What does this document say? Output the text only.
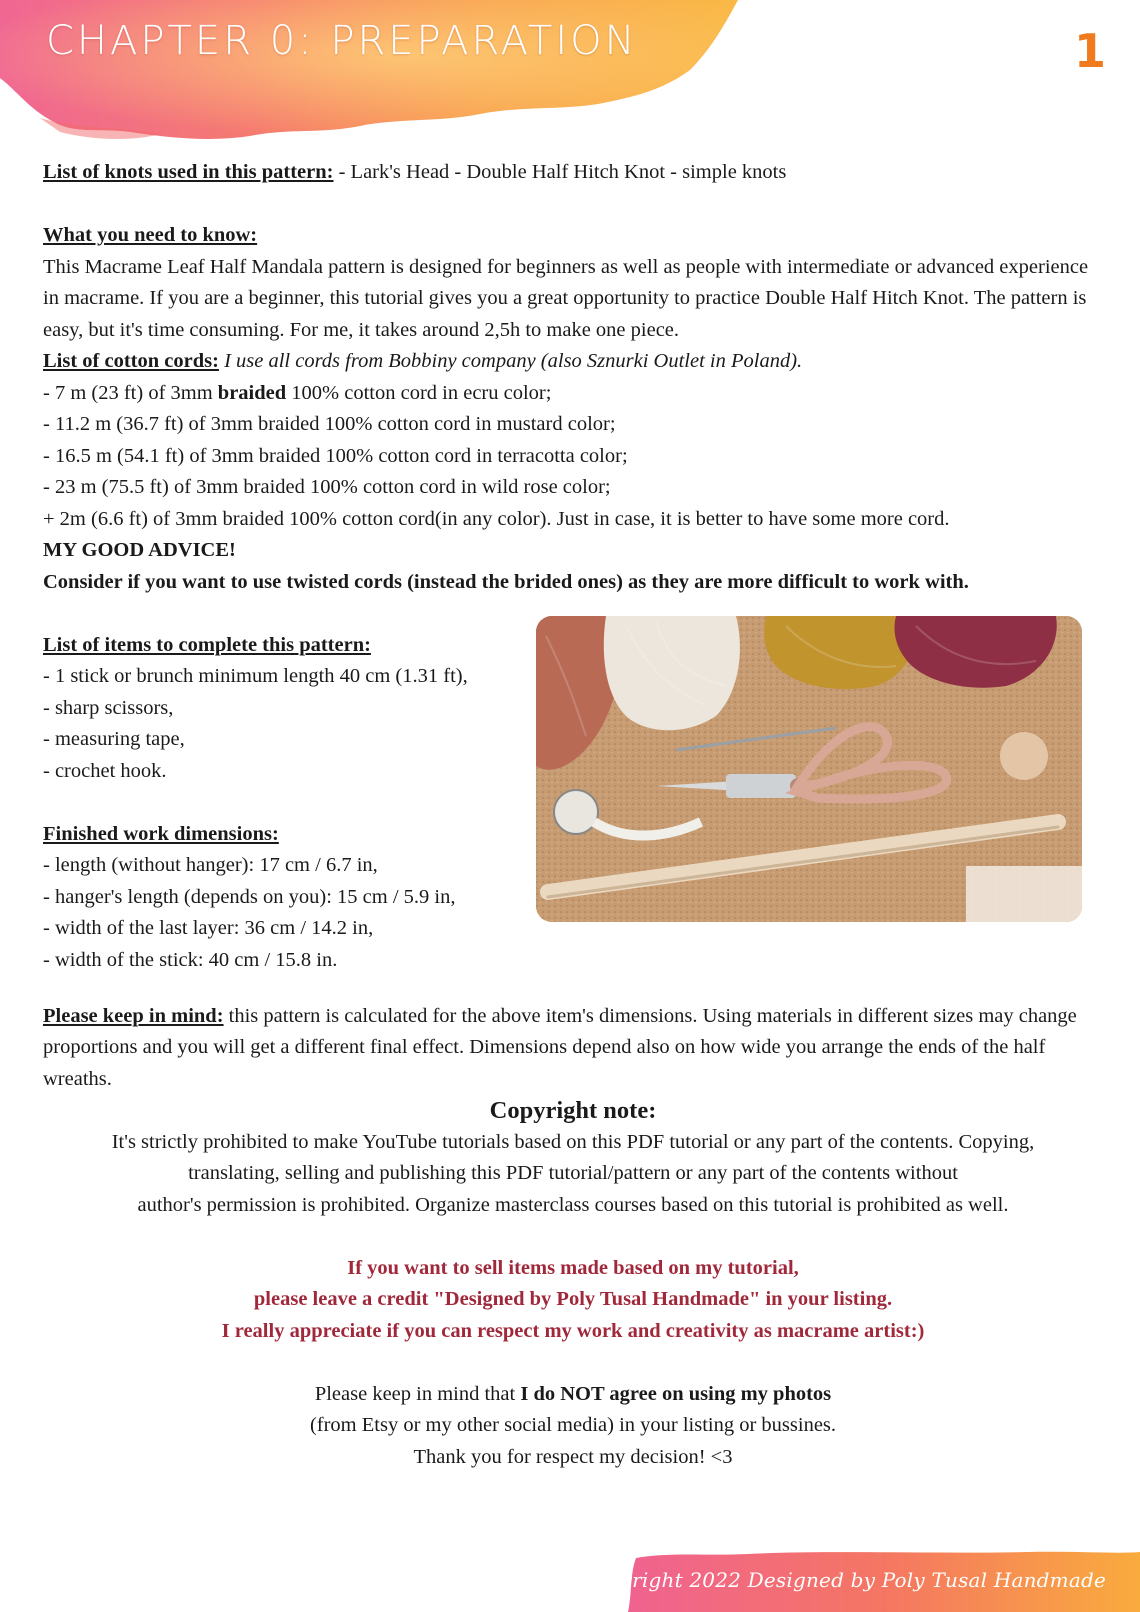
CHAPTER 0: PREPARATION	1

List of knots used in this pattern: - Lark's Head - Double Half Hitch Knot - simple knots

What you need to know:

This Macrame Leaf Half Mandala pattern is designed for beginners as well as people with intermediate or advanced experience in macrame. If you are a beginner, this tutorial gives you a great opportunity to practice Double Half Hitch Knot. The pattern is easy, but it's time consuming. For me, it takes around 2,5h to make one piece.

List of cotton cords: I use all cords from Bobbiny company (also Sznurki Outlet in Poland).

- 7 m (23 ft) of 3mm braided 100% cotton cord in ecru color;

- 11.2 m (36.7 ft) of 3mm braided 100% cotton cord in mustard color;

- 16.5 m (54.1 ft) of 3mm braided 100% cotton cord in terracotta color;

- 23 m (75.5 ft) of 3mm braided 100% cotton cord in wild rose color;

+ 2m (6.6 ft) of 3mm braided 100% cotton cord(in any color). Just in case, it is better to have some more cord.

MY GOOD ADVICE!

Consider if you want to use twisted cords (instead the brided ones) as they are more difficult to work with.

List of items to complete this pattern:

- 1 stick or brunch minimum length 40 cm (1.31 ft),

- sharp scissors,

- measuring tape,

- crochet hook.

Finished work dimensions:

- length (without hanger): 17 cm / 6.7 in,

- hanger's length (depends on you): 15 cm / 5.9 in,

- width of the last layer: 36 cm / 14.2 in,

- width of the stick: 40 cm / 15.8 in.

Please keep in mind: this pattern is calculated for the above item's dimensions. Using materials in different sizes may change proportions and you will get a different final effect. Dimensions depend also on how wide you arrange the ends of the half wreaths.

Copyright note:

It's strictly prohibited to make YouTube tutorials based on this PDF tutorial or any part of the contents. Copying,

translating, selling and publishing this PDF tutorial/pattern or any part of the contents without

author's permission is prohibited. Organize masterclass courses based on this tutorial is prohibited as well.

If you want to sell items made based on my tutorial,

please leave a credit "Designed by Poly Tusal Handmade" in your listing.

I really appreciate if you can respect my work and creativity as macrame artist:)

Please keep in mind that I do NOT agree on using my photos

(from Etsy or my other social media) in your listing or bussines.

Thank you for respect my decision! <3

Copyright 2022 Designed by Poly Tusal Handmade
